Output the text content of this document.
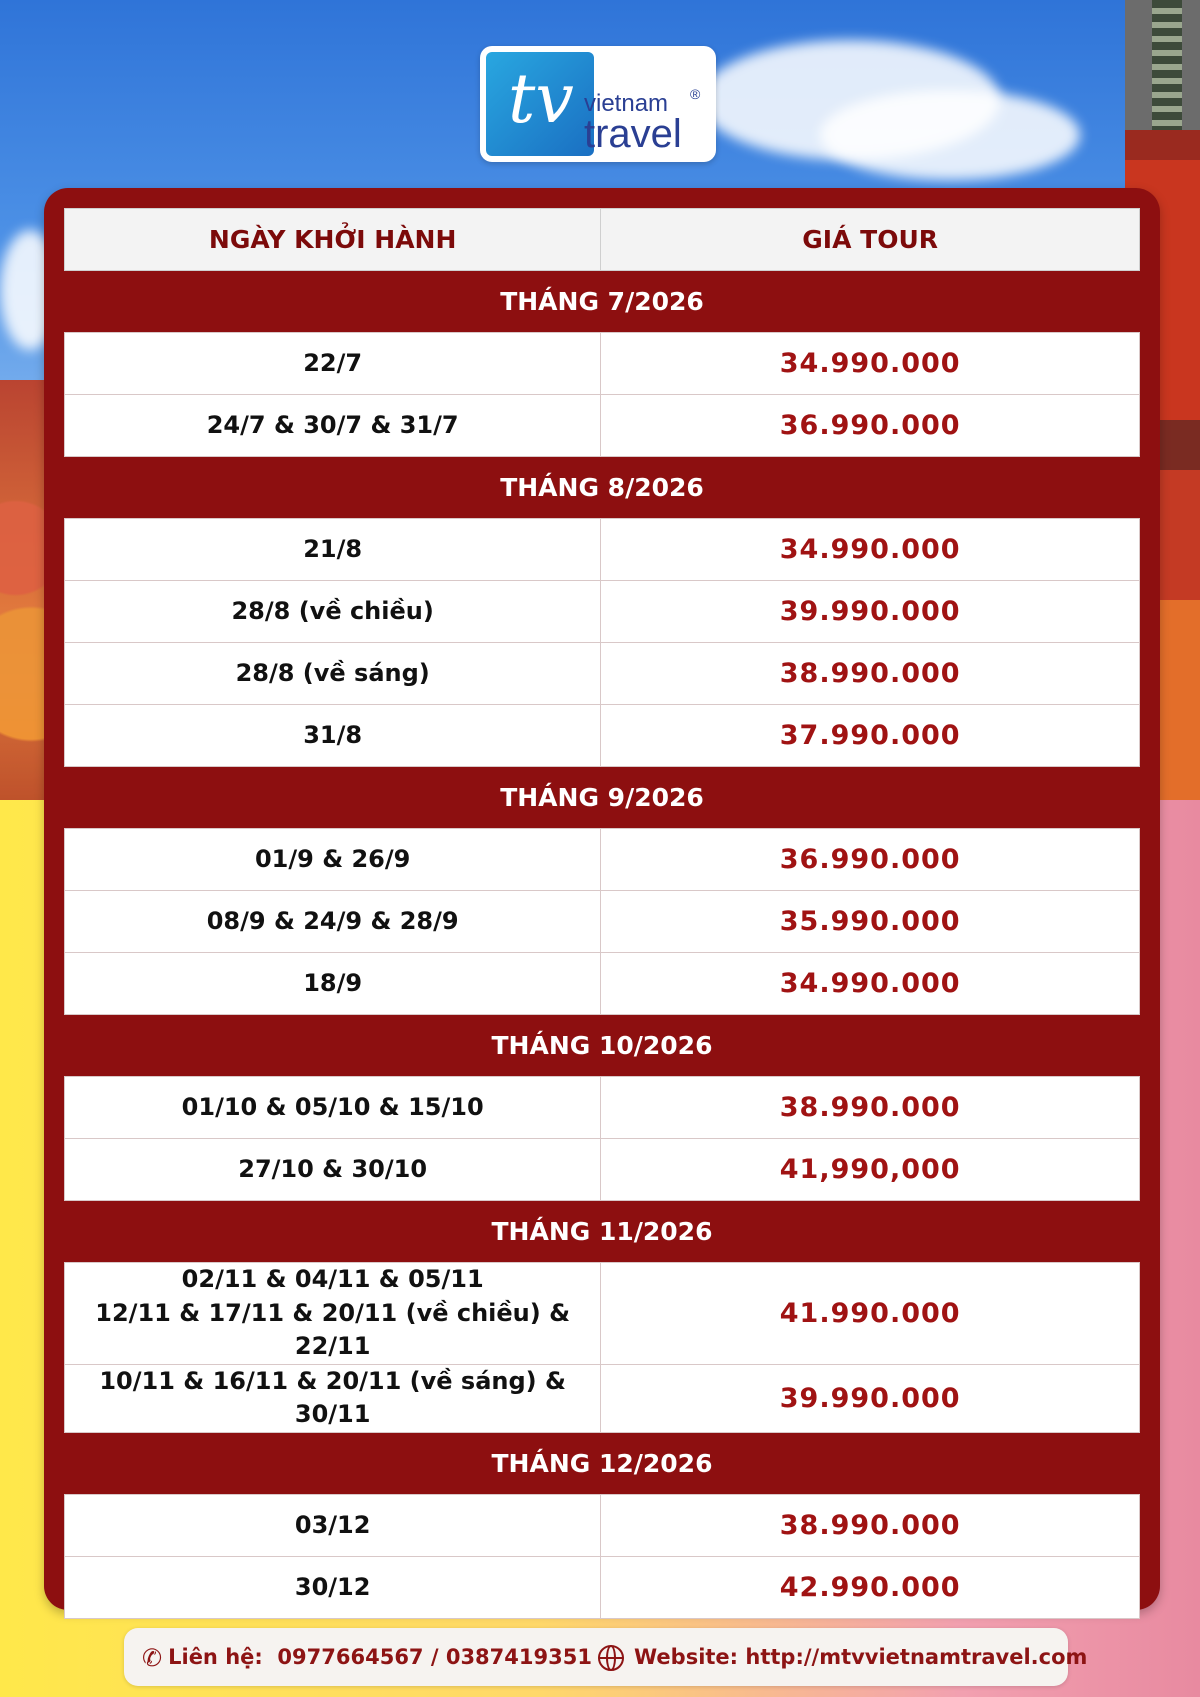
tv vietnam
travel
®
NGÀY KHỞI HÀNH	GIÁ TOUR
THÁNG 7/2026	

22/7	34.990.000

24/7 & 30/7 & 31/7	36.990.000
THÁNG 8/2026	

21/8	34.990.000

28/8 (về chiều)	39.990.000

28/8 (về sáng)	38.990.000

31/8	37.990.000
THÁNG 9/2026	

01/9 & 26/9	36.990.000

08/9 & 24/9 & 28/9	35.990.000

18/9	34.990.000
THÁNG 10/2026	

01/10 & 05/10 & 15/10	38.990.000

27/10 & 30/10	41,990,000
THÁNG 11/2026	

02/11 & 04/11 & 05/11
12/11 & 17/11 & 20/11 (về chiều) & 22/11	41.990.000

10/11 & 16/11 & 20/11 (về sáng) & 30/11	39.990.000
THÁNG 12/2026	

03/12	38.990.000

30/12	42.990.000
✆ Liên hệ: 0977664567 / 0387419351	Website: http://mtvvietnamtravel.com
